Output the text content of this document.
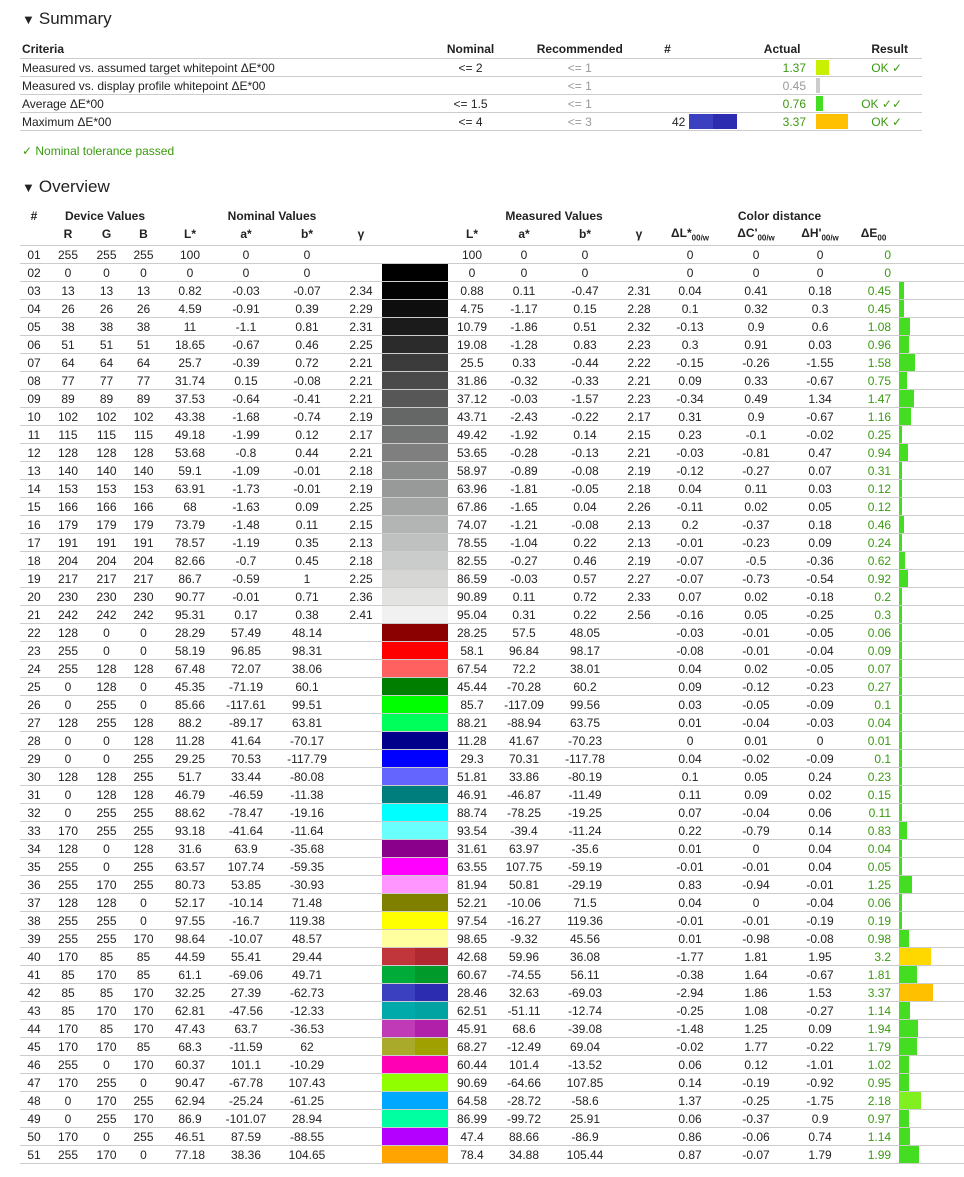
▼ Summary
Criteria	Nominal	Recommended	#		Actual		Result
Measured vs. assumed target whitepoint ΔE*00	<= 2	<= 1			1.37		OK ✓
Measured vs. display profile whitepoint ΔE*00		<= 1			0.45		
Average ΔE*00	<= 1.5	<= 1			0.76		OK ✓✓
Maximum ΔE*00	<= 4	<= 3	42		3.37		OK ✓
✓ Nominal tolerance passed
▼ Overview
#	Device Values			Nominal Values					Measured Values				Color distance				
	R	G	B	L*	a*	b*	γ		L*	a*	b*	γ	$\Delta L*_{00/w}$	$\Delta C'_{00/w}$	$\Delta H'_{00/w}$	$\Delta E_{00}$	
01	255	255	255	100	0	0			100	0	0		0	0	0	0	

02	0	0	0	0	0	0			0	0	0		0	0	0	0	

03	13	13	13	0.82	-0.03	-0.07	2.34		0.88	0.11	-0.47	2.31	0.04	0.41	0.18	0.45	

04	26	26	26	4.59	-0.91	0.39	2.29		4.75	-1.17	0.15	2.28	0.1	0.32	0.3	0.45	

05	38	38	38	11	-1.1	0.81	2.31		10.79	-1.86	0.51	2.32	-0.13	0.9	0.6	1.08	

06	51	51	51	18.65	-0.67	0.46	2.25		19.08	-1.28	0.83	2.23	0.3	0.91	0.03	0.96	

07	64	64	64	25.7	-0.39	0.72	2.21		25.5	0.33	-0.44	2.22	-0.15	-0.26	-1.55	1.58	

08	77	77	77	31.74	0.15	-0.08	2.21		31.86	-0.32	-0.33	2.21	0.09	0.33	-0.67	0.75	

09	89	89	89	37.53	-0.64	-0.41	2.21		37.12	-0.03	-1.57	2.23	-0.34	0.49	1.34	1.47	

10	102	102	102	43.38	-1.68	-0.74	2.19		43.71	-2.43	-0.22	2.17	0.31	0.9	-0.67	1.16	

11	115	115	115	49.18	-1.99	0.12	2.17		49.42	-1.92	0.14	2.15	0.23	-0.1	-0.02	0.25	

12	128	128	128	53.68	-0.8	0.44	2.21		53.65	-0.28	-0.13	2.21	-0.03	-0.81	0.47	0.94	

13	140	140	140	59.1	-1.09	-0.01	2.18		58.97	-0.89	-0.08	2.19	-0.12	-0.27	0.07	0.31	

14	153	153	153	63.91	-1.73	-0.01	2.19		63.96	-1.81	-0.05	2.18	0.04	0.11	0.03	0.12	

15	166	166	166	68	-1.63	0.09	2.25		67.86	-1.65	0.04	2.26	-0.11	0.02	0.05	0.12	

16	179	179	179	73.79	-1.48	0.11	2.15		74.07	-1.21	-0.08	2.13	0.2	-0.37	0.18	0.46	

17	191	191	191	78.57	-1.19	0.35	2.13		78.55	-1.04	0.22	2.13	-0.01	-0.23	0.09	0.24	

18	204	204	204	82.66	-0.7	0.45	2.18		82.55	-0.27	0.46	2.19	-0.07	-0.5	-0.36	0.62	

19	217	217	217	86.7	-0.59	1	2.25		86.59	-0.03	0.57	2.27	-0.07	-0.73	-0.54	0.92	

20	230	230	230	90.77	-0.01	0.71	2.36		90.89	0.11	0.72	2.33	0.07	0.02	-0.18	0.2	

21	242	242	242	95.31	0.17	0.38	2.41		95.04	0.31	0.22	2.56	-0.16	0.05	-0.25	0.3	

22	128	0	0	28.29	57.49	48.14			28.25	57.5	48.05		-0.03	-0.01	-0.05	0.06	

23	255	0	0	58.19	96.85	98.31			58.1	96.84	98.17		-0.08	-0.01	-0.04	0.09	

24	255	128	128	67.48	72.07	38.06			67.54	72.2	38.01		0.04	0.02	-0.05	0.07	

25	0	128	0	45.35	-71.19	60.1			45.44	-70.28	60.2		0.09	-0.12	-0.23	0.27	

26	0	255	0	85.66	-117.61	99.51			85.7	-117.09	99.56		0.03	-0.05	-0.09	0.1	

27	128	255	128	88.2	-89.17	63.81			88.21	-88.94	63.75		0.01	-0.04	-0.03	0.04	

28	0	0	128	11.28	41.64	-70.17			11.28	41.67	-70.23		0	0.01	0	0.01	

29	0	0	255	29.25	70.53	-117.79			29.3	70.31	-117.78		0.04	-0.02	-0.09	0.1	

30	128	128	255	51.7	33.44	-80.08			51.81	33.86	-80.19		0.1	0.05	0.24	0.23	

31	0	128	128	46.79	-46.59	-11.38			46.91	-46.87	-11.49		0.11	0.09	0.02	0.15	

32	0	255	255	88.62	-78.47	-19.16			88.74	-78.25	-19.25		0.07	-0.04	0.06	0.11	

33	170	255	255	93.18	-41.64	-11.64			93.54	-39.4	-11.24		0.22	-0.79	0.14	0.83	

34	128	0	128	31.6	63.9	-35.68			31.61	63.97	-35.6		0.01	0	0.04	0.04	

35	255	0	255	63.57	107.74	-59.35			63.55	107.75	-59.19		-0.01	-0.01	0.04	0.05	

36	255	170	255	80.73	53.85	-30.93			81.94	50.81	-29.19		0.83	-0.94	-0.01	1.25	

37	128	128	0	52.17	-10.14	71.48			52.21	-10.06	71.5		0.04	0	-0.04	0.06	

38	255	255	0	97.55	-16.7	119.38			97.54	-16.27	119.36		-0.01	-0.01	-0.19	0.19	

39	255	255	170	98.64	-10.07	48.57			98.65	-9.32	45.56		0.01	-0.98	-0.08	0.98	

40	170	85	85	44.59	55.41	29.44			42.68	59.96	36.08		-1.77	1.81	1.95	3.2	

41	85	170	85	61.1	-69.06	49.71			60.67	-74.55	56.11		-0.38	1.64	-0.67	1.81	

42	85	85	170	32.25	27.39	-62.73			28.46	32.63	-69.03		-2.94	1.86	1.53	3.37	

43	85	170	170	62.81	-47.56	-12.33			62.51	-51.11	-12.74		-0.25	1.08	-0.27	1.14	

44	170	85	170	47.43	63.7	-36.53			45.91	68.6	-39.08		-1.48	1.25	0.09	1.94	

45	170	170	85	68.3	-11.59	62			68.27	-12.49	69.04		-0.02	1.77	-0.22	1.79	

46	255	0	170	60.37	101.1	-10.29			60.44	101.4	-13.52		0.06	0.12	-1.01	1.02	

47	170	255	0	90.47	-67.78	107.43			90.69	-64.66	107.85		0.14	-0.19	-0.92	0.95	

48	0	170	255	62.94	-25.24	-61.25			64.58	-28.72	-58.6		1.37	-0.25	-1.75	2.18	

49	0	255	170	86.9	-101.07	28.94			86.99	-99.72	25.91		0.06	-0.37	0.9	0.97	

50	170	0	255	46.51	87.59	-88.55			47.4	88.66	-86.9		0.86	-0.06	0.74	1.14	

51	255	170	0	77.18	38.36	104.65			78.4	34.88	105.44		0.87	-0.07	1.79	1.99	
